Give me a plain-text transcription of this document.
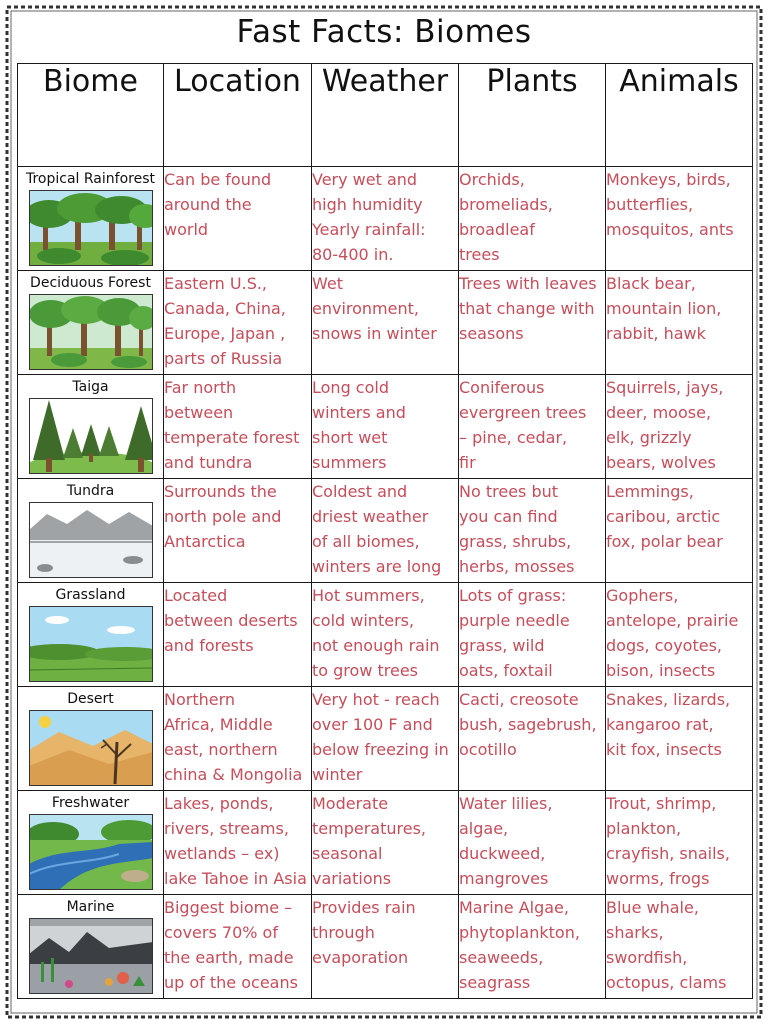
Fast Facts: Biomes
Biome	Location	Weather	Plants	Animals

Tropical Rainforest	Can be found
around the
world	Very wet and
high humidity
Yearly rainfall:
80-400 in.	Orchids,
bromeliads,
broadleaf
trees	Monkeys, birds,
butterflies,
mosquitos, ants

Deciduous Forest	Eastern U.S.,
Canada, China,
Europe, Japan ,
parts of Russia	Wet
environment,
snows in winter	Trees with leaves
that change with
seasons	Black bear,
mountain lion,
rabbit, hawk

Taiga	Far north
between
temperate forest
and tundra	Long cold
winters and
short wet
summers	Coniferous
evergreen trees
– pine, cedar,
fir	Squirrels, jays,
deer, moose,
elk, grizzly
bears, wolves

Tundra	Surrounds the
north pole and
Antarctica	Coldest and
driest weather
of all biomes,
winters are long	No trees but
you can find
grass, shrubs,
herbs, mosses	Lemmings,
caribou, arctic
fox, polar bear

Grassland	Located
between deserts
and forests	Hot summers,
cold winters,
not enough rain
to grow trees	Lots of grass:
purple needle
grass, wild
oats, foxtail	Gophers,
antelope, prairie
dogs, coyotes,
bison, insects

Desert	Northern
Africa, Middle
east, northern
china & Mongolia	Very hot - reach
over 100 F and
below freezing in
winter	Cacti, creosote
bush, sagebrush,
ocotillo	Snakes, lizards,
kangaroo rat,
kit fox, insects

Freshwater	Lakes, ponds,
rivers, streams,
wetlands – ex)
lake Tahoe in Asia	Moderate
temperatures,
seasonal
variations	Water lilies,
algae,
duckweed,
mangroves	Trout, shrimp,
plankton,
crayfish, snails,
worms, frogs

Marine	Biggest biome –
covers 70% of
the earth, made
up of the oceans	Provides rain
through
evaporation	Marine Algae,
phytoplankton,
seaweeds,
seagrass	Blue whale,
sharks,
swordfish,
octopus, clams
